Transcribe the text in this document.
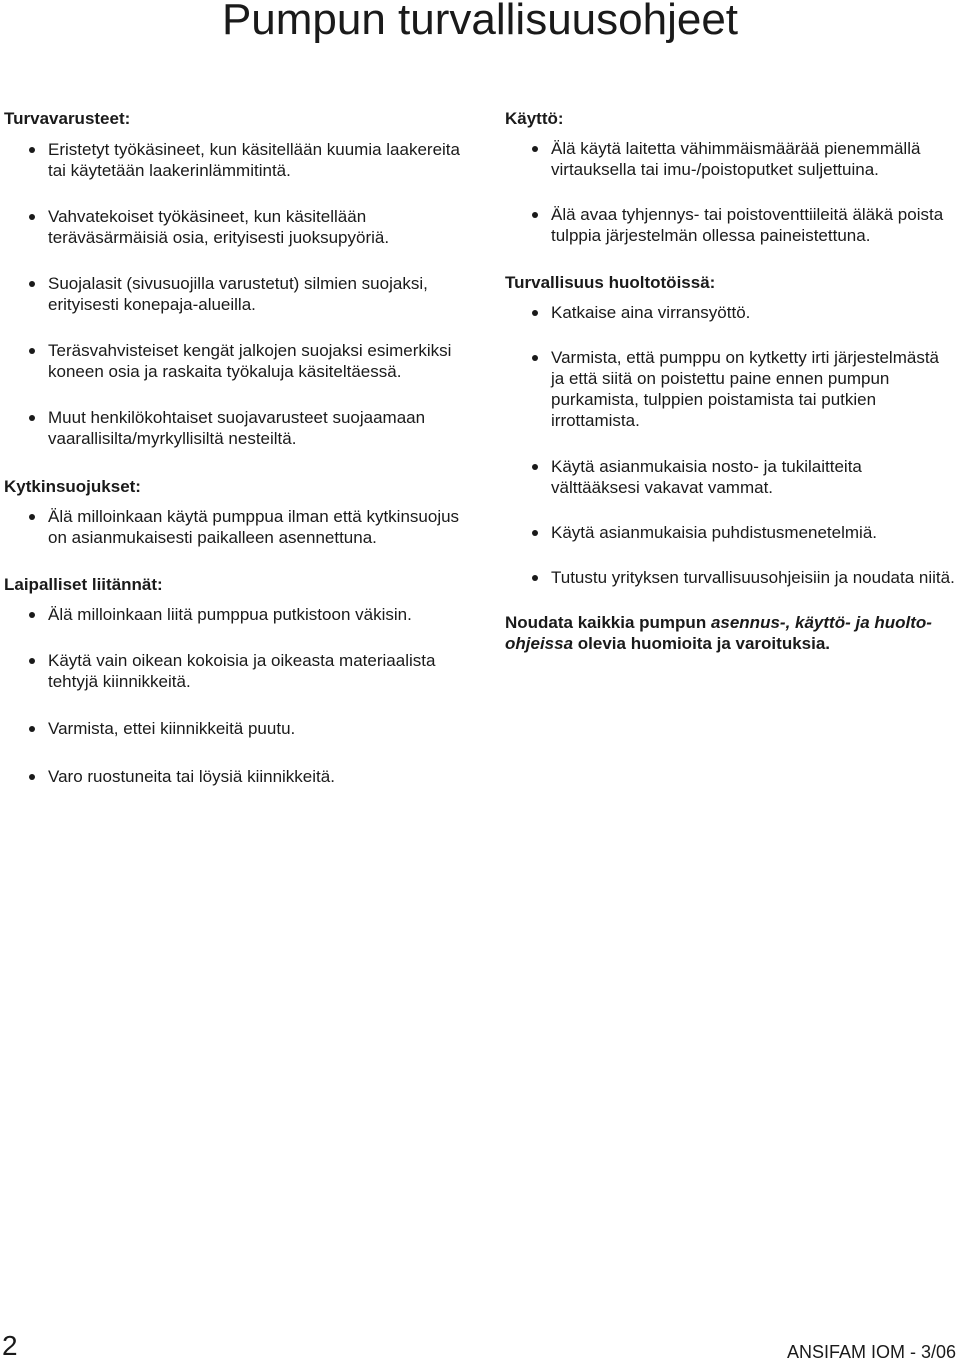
Pumpun turvallisuusohjeet
Turvavarusteet:
Eristetyt työkäsineet, kun käsitellään kuumia laakereita tai käytetään laakerinlämmitintä.
Vahvatekoiset työkäsineet, kun käsitellään teräväsärmäisiä osia, erityisesti juoksupyöriä.
Suojalasit (sivusuojilla varustetut) silmien suojaksi, erityisesti konepaja-alueilla.
Teräsvahvisteiset kengät jalkojen suojaksi esimerkiksi koneen osia ja raskaita työkaluja käsiteltäessä.
Muut henkilökohtaiset suojavarusteet suojaamaan vaarallisilta/myrkyllisiltä nesteiltä.
Kytkinsuojukset:
Älä milloinkaan käytä pumppua ilman että kytkinsuojus on asianmukaisesti paikalleen asennettuna.
Laipalliset liitännät:
Älä milloinkaan liitä pumppua putkistoon väkisin.
Käytä vain oikean kokoisia ja oikeasta materiaalista tehtyjä kiinnikkeitä.
Varmista, ettei kiinnikkeitä puutu.
Varo ruostuneita tai löysiä kiinnikkeitä.
Käyttö:
Älä käytä laitetta vähimmäismäärää pienemmällä virtauksella tai imu-/poistoputket suljettuina.
Älä avaa tyhjennys- tai poistoventtiileitä äläkä poista tulppia järjestelmän ollessa paineistettuna.
Turvallisuus huoltotöissä:
Katkaise aina virransyöttö.
Varmista, että pumppu on kytketty irti järjestelmästä ja että siitä on poistettu paine ennen pumpun purkamista, tulppien poistamista tai putkien irrottamista.
Käytä asianmukaisia nosto- ja tukilaitteita välttääksesi vakavat vammat.
Käytä asianmukaisia puhdistusmenetelmiä.
Tutustu yrityksen turvallisuusohjeisiin ja noudata niitä.

Noudata kaikkia pumpun asennus-, käyttö- ja huolto-ohjeissa olevia huomioita ja varoituksia.

2	ANSIFAM IOM - 3/06
